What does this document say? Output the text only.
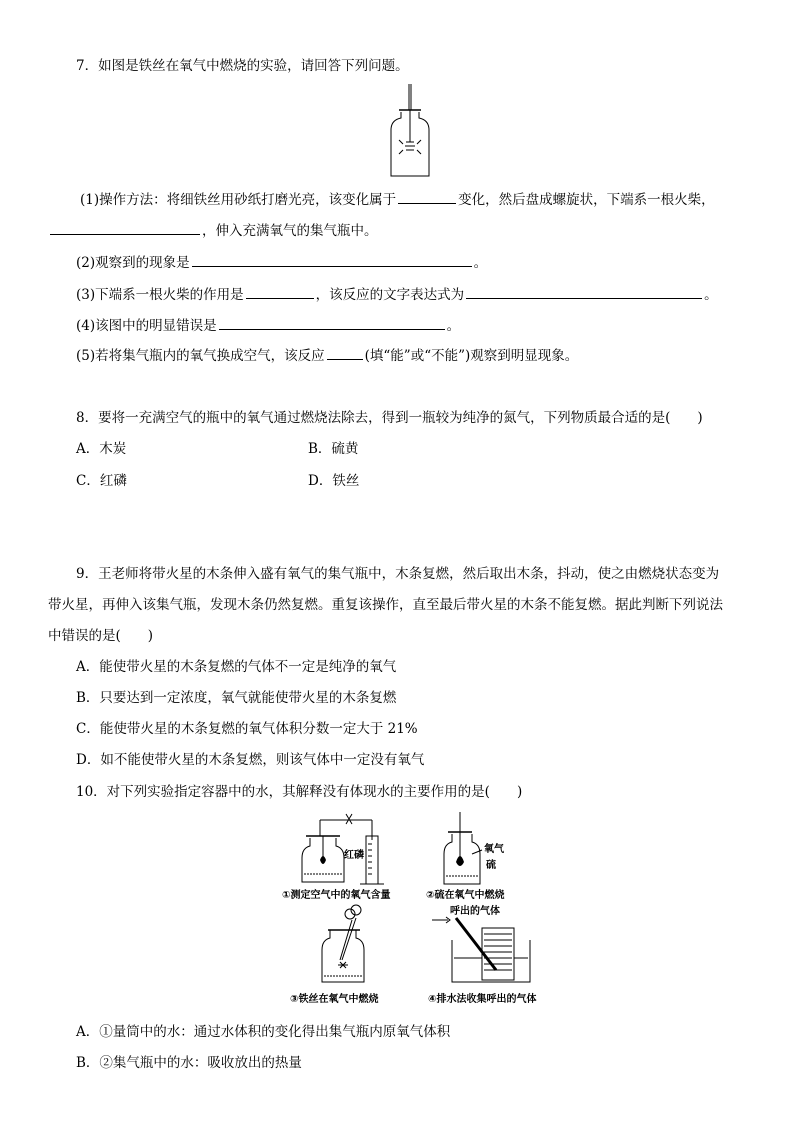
7．如图是铁丝在氧气中燃烧的实验，请回答下列问题。
(1)操作方法：将细铁丝用砂纸打磨光亮，该变化属于	变化，然后盘成螺旋状，下端系一根火柴，
，伸入充满氧气的集气瓶中。
(2)观察到的现象是	。
(3)下端系一根火柴的作用是	，该反应的文字表达式为	。
(4)该图中的明显错误是	。
(5)若将集气瓶内的氧气换成空气，该反应	(填“能”或“不能”)观察到明显现象。
8．要将一充满空气的瓶中的氧气通过燃烧法除去，得到一瓶较为纯净的氮气，下列物质最合适的是(　　)
A．木炭	B．硫黄
C．红磷	D．铁丝
9．王老师将带火星的木条伸入盛有氧气的集气瓶中，木条复燃，然后取出木条，抖动，使之由燃烧状态变为
带火星，再伸入该集气瓶，发现木条仍然复燃。重复该操作，直至最后带火星的木条不能复燃。据此判断下列说法
中错误的是(　　)
A．能使带火星的木条复燃的气体不一定是纯净的氧气
B．只要达到一定浓度，氧气就能使带火星的木条复燃
C．能使带火星的木条复燃的氧气体积分数一定大于 21%
D．如不能使带火星的木条复燃，则该气体中一定没有氧气
10．对下列实验指定容器中的水，其解释没有体现水的主要作用的是(　　)
红磷
①测定空气中的氧气含量
氧气
硫
②硫在氧气中燃烧
③铁丝在氧气中燃烧
呼出的气体
④排水法收集呼出的气体
A．①量筒中的水：通过水体积的变化得出集气瓶内原氧气体积
B．②集气瓶中的水：吸收放出的热量
